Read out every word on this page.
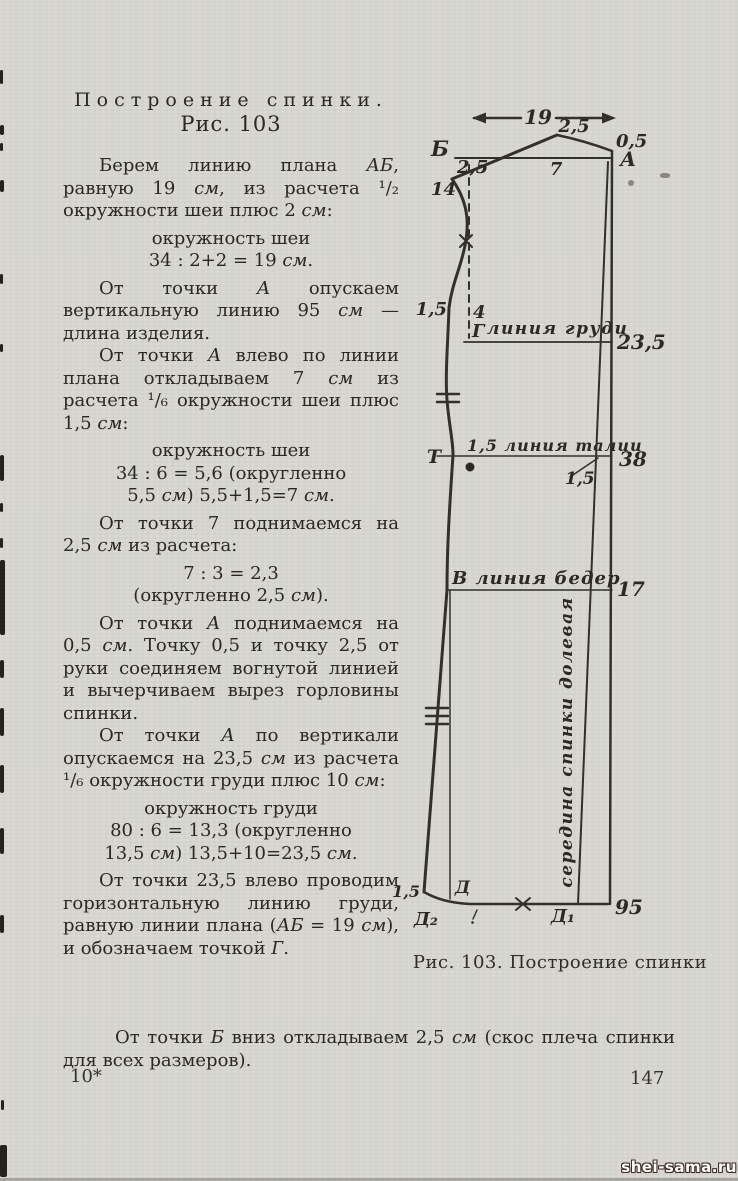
Построение спинки.
Рис. 103

Берем линию плана АБ, равную 19 см, из расчета ¹/₂ окружности шеи плюс 2 см:

окружность шеи
34 : 2+2 = 19 см.

От точки А опускаем вертикальную линию 95 см — длина изделия.

От точки А влево по линии плана откладываем 7 см из расчета ¹/₆ окружности шеи плюс 1,5 см:

окружность шеи
34 : 6 = 5,6 (округленно
5,5 см) 5,5+1,5=7 см.

От точки 7 поднимаемся на 2,5 см из расчета:

7 : 3 = 2,3
(округленно 2,5 см).

От точки А поднимаемся на 0,5 см. Точку 0,5 и точку 2,5 от руки соединяем вогнутой линией и вычерчиваем вырез горловины спинки.

От точки А по вертикали опускаемся на 23,5 см из расчета ¹/₆ окружности груди плюс 10 см:

окружность груди
80 : 6 = 13,3 (округленно
13,5 см) 13,5+10=23,5 см.

От точки 23,5 влево проводим горизонтальную линию груди, равную линии плана (АБ = 19 см), и обозначаем точкой Г.

От точки Б вниз откладываем 2,5 см (скос плеча спинки для всех размеров).

19 2,5
Б	0,5
А
7
2,5
14
1,5 4
Г линия груди
23,5
Т
1,5 линия талии
38
1,5
В линия бедер
17
середина спинки долевая
1,5 Д
Д₂	Д₁ 95
Рис. 103. Построение спинки
10*	147
shei-sama.ru
